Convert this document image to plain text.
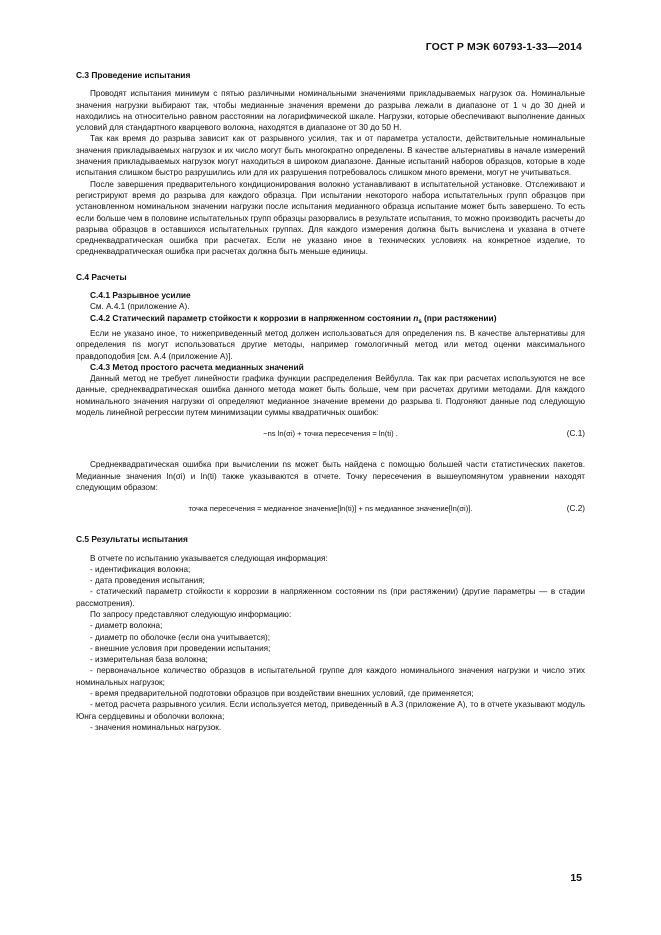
ГОСТ Р МЭК 60793-1-33—2014
С.3 Проведение испытания

Проводят испытания минимум с пятью различными номинальными значениями прикладываемых нагрузок σa. Номинальные значения нагрузки выбирают так, чтобы медианные значения времени до разрыва лежали в диапазоне от 1 ч до 30 дней и находились на относительно равном расстоянии на логарифмической шкале. Нагрузки, которые обеспечивают выполнение данных условий для стандартного кварцевого волокна, находятся в диапазоне от 30 до 50 Н.

Так как время до разрыва зависит как от разрывного усилия, так и от параметра усталости, действительные номинальные значения прикладываемых нагрузок и их число могут быть многократно определены. В качестве альтернативы в начале измерений значения прикладываемых нагрузок могут находиться в широком диапазоне. Данные испытаний наборов образцов, которые в ходе испытания слишком быстро разрушились или для их разрушения потребовалось слишком много времени, могут не учитываться.

После завершения предварительного кондиционирования волокно устанавливают в испытательной установке. Отслеживают и регистрируют время до разрыва для каждого образца. При испытании некоторого набора испытательных групп образцов при установленном номинальном значении нагрузки после испытания медианного образца испытание может быть завершено. То есть если больше чем в половине испытательных групп образцы разорвались в результате испытания, то можно производить расчеты до разрыва образцов в оставшихся испытательных группах. Для каждого измерения должна быть вычислена и указана в отчете среднеквадратическая ошибка при расчетах. Если не указано иное в технических условиях на конкретное изделие, то среднеквадратическая ошибка при расчетах должна быть меньше единицы.

С.4 Расчеты
С.4.1 Разрывное усилие

См. А.4.1 (приложение А).

С.4.2 Статический параметр стойкости к коррозии в напряженном состоянии $n_s$ (при растяжении)

Если не указано иное, то нижеприведенный метод должен использоваться для определения ns. В качестве альтернативы для определения ns могут использоваться другие методы, например гомологичный метод или метод оценки максимального правдоподобия [см. А.4 (приложение А)].

С.4.3 Метод простого расчета медианных значений

Данный метод не требует линейности графика функции распределения Вейбулла. Так как при расчетах используются не все данные, среднеквадратическая ошибка данного метода может быть больше, чем при расчетах другими методами. Для каждого номинального значения нагрузки σi определяют медианное значение времени до разрыва ti. Подгоняют данные под следующую модель линейной регрессии путем минимизации суммы квадратичных ошибок:

−ns ln(σi) + точка пересечения = ln(ti) .	(С.1)

Среднеквадратическая ошибка при вычислении ns может быть найдена с помощью большей части статистических пакетов. Медианные значения ln(σi) и ln(ti) также указываются в отчете. Точку пересечения в вышеупомянутом уравнении находят следующим образом:

точка пересечения = медианное значение[ln(ti)] + ns медианное значение[ln(σi)].	(С.2)
С.5 Результаты испытания

В отчете по испытанию указывается следующая информация:

- идентификация волокна;

- дата проведения испытания;

- статический параметр стойкости к коррозии в напряженном состоянии ns (при растяжении) (другие параметры — в стадии рассмотрения).

По запросу представляют следующую информацию:

- диаметр волокна;

- диаметр по оболочке (если она учитывается);

- внешние условия при проведении испытания;

- измерительная база волокна;

- первоначальное количество образцов в испытательной группе для каждого номинального значения нагрузки и число этих номинальных нагрузок;

- время предварительной подготовки образцов при воздействии внешних условий, где применяется;

- метод расчета разрывного усилия. Если используется метод, приведенный в А.3 (приложение А), то в отчете указывают модуль Юнга сердцевины и оболочки волокна;

- значения номинальных нагрузок.

15
